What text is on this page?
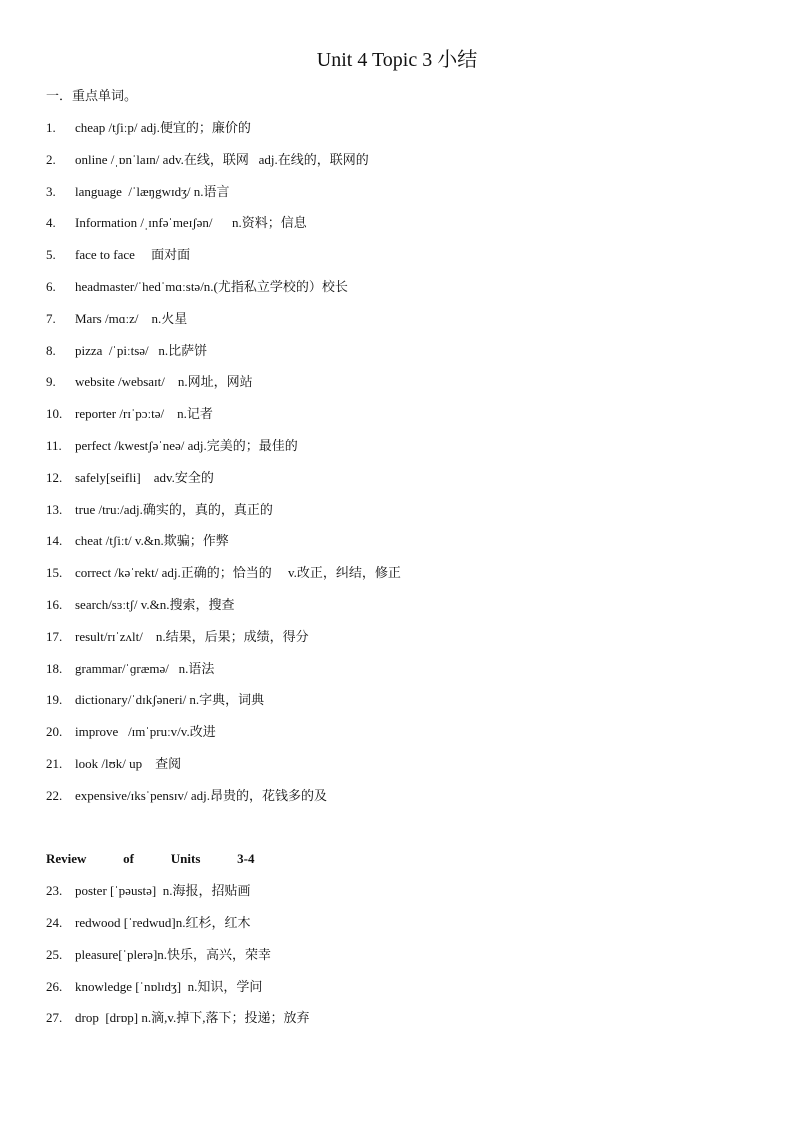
Unit 4 Topic 3 小结
一．重点单词。
1. cheap /tʃiːp/ adj.便宜的；廉价的
2. online /ˌɒnˈlaɪn/ adv.在线，联网   adj.在线的，联网的
3. language  /ˈlæŋgwɪdʒ/ n.语言
4. Information /ˌɪnfəˈmeɪʃən/      n.资料；信息
5. face to face     面对面
6. headmaster/ˈhedˈmɑːstə/n.(尤指私立学校的）校长
7. Mars /mɑːz/    n.火星
8. pizza  /ˈpiːtsə/   n.比萨饼
9. website /websaɪt/    n.网址，网站
10. reporter /rɪˈpɔːtə/    n.记者
11. perfect /kwestʃəˈneə/ adj.完美的；最佳的
12. safely[seifli]    adv.安全的
13. true /truː/adj.确实的，真的，真正的
14. cheat /tʃiːt/ v.&n.欺骗；作弊
15. correct /kəˈrekt/ adj.正确的；恰当的     v.改正，纠结，修正
16. search/sɜːtʃ/ v.&n.搜索，搜查
17. result/rɪˈzʌlt/    n.结果，后果；成绩，得分
18. grammar/ˈɡræmə/   n.语法
19. dictionary/ˈdɪkʃəneri/ n.字典，词典
20. improve   /ɪmˈpruːv/v.改进
21. look /lʊk/ up    查阅
22. expensive/ɪksˈpensɪv/ adj.昂贵的，花钱多的及
Review   of   Units   3-4
23. poster [ˈpəustə]  n.海报，招贴画
24. redwood [ˈredwud]n.红杉，红木
25. pleasure[ˈplerə]n.快乐，高兴，荣幸
26. knowledge [ˈnɒlɪdʒ]  n.知识，学问
27. drop  [drɒp] n.滴,v.掉下,落下；投递；放弃
